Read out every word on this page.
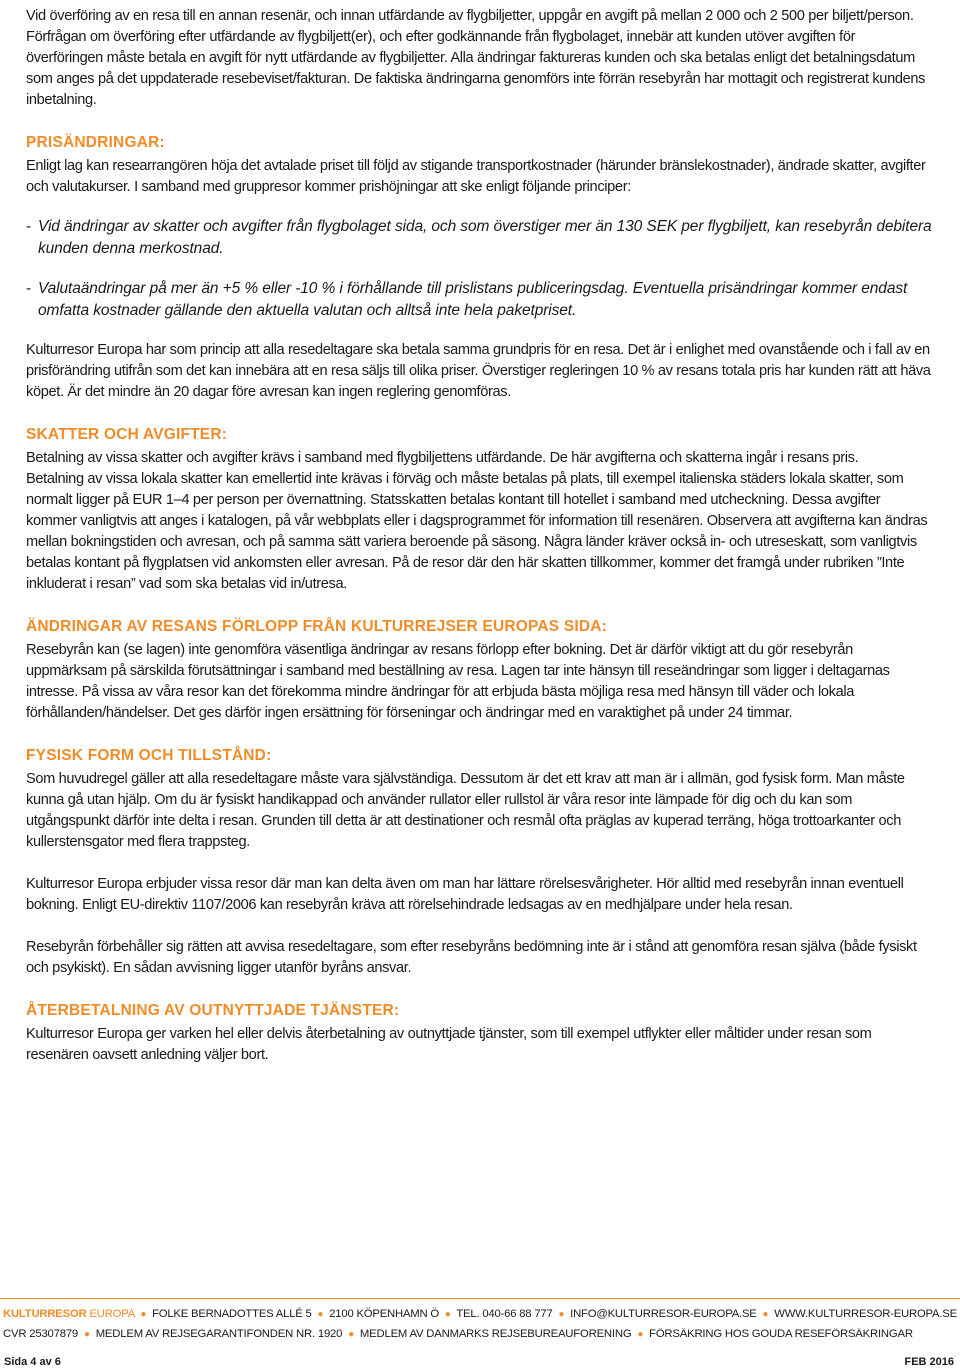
Vid överföring av en resa till en annan resenär, och innan utfärdande av flygbiljetter, uppgår en avgift på mellan 2 000 och 2 500 per biljett/person. Förfrågan om överföring efter utfärdande av flygbiljett(er), och efter godkännande från flygbolaget, innebär att kunden utöver avgiften för överföringen måste betala en avgift för nytt utfärdande av flygbiljetter. Alla ändringar faktureras kunden och ska betalas enligt det betalningsdatum som anges på det uppdaterade resebeviset/fakturan. De faktiska ändringarna genomförs inte förrän resebyrån har mottagit och registrerat kundens inbetalning.

PRISÄNDRINGAR:

Enligt lag kan researrangören höja det avtalade priset till följd av stigande transportkostnader (härunder bränslekostnader), ändrade skatter, avgifter och valutakurser. I samband med gruppresor kommer prishöjningar att ske enligt följande principer:

- Vid ändringar av skatter och avgifter från flygbolaget sida, och som överstiger mer än 130 SEK per flygbiljett, kan resebyrån debitera kunden denna merkostnad.
- Valutaändringar på mer än +5 % eller -10 % i förhållande till prislistans publiceringsdag. Eventuella prisändringar kommer endast omfatta kostnader gällande den aktuella valutan och alltså inte hela paketpriset.

Kulturresor Europa har som princip att alla resedeltagare ska betala samma grundpris för en resa. Det är i enlighet med ovanstående och i fall av en prisförändring utifrån som det kan innebära att en resa säljs till olika priser. Överstiger regleringen 10 % av resans totala pris har kunden rätt att häva köpet. Är det mindre än 20 dagar före avresan kan ingen reglering genomföras.

SKATTER OCH AVGIFTER:

Betalning av vissa skatter och avgifter krävs i samband med flygbiljettens utfärdande. De här avgifterna och skatterna ingår i resans pris.

Betalning av vissa lokala skatter kan emellertid inte krävas i förväg och måste betalas på plats, till exempel italienska städers lokala skatter, som normalt ligger på EUR 1–4 per person per övernattning. Statsskatten betalas kontant till hotellet i samband med utcheckning. Dessa avgifter kommer vanligtvis att anges i katalogen, på vår webbplats eller i dagsprogrammet för information till resenären. Observera att avgifterna kan ändras mellan bokningstiden och avresan, och på samma sätt variera beroende på säsong. Några länder kräver också in- och utreseskatt, som vanligtvis betalas kontant på flygplatsen vid ankomsten eller avresan. På de resor där den här skatten tillkommer, kommer det framgå under rubriken ”Inte inkluderat i resan” vad som ska betalas vid in/utresa.

ÄNDRINGAR AV RESANS FÖRLOPP FRÅN KULTURREJSER EUROPAS SIDA:

Resebyrån kan (se lagen) inte genomföra väsentliga ändringar av resans förlopp efter bokning. Det är därför viktigt att du gör resebyrån uppmärksam på särskilda förutsättningar i samband med beställning av resa. Lagen tar inte hänsyn till reseändringar som ligger i deltagarnas intresse. På vissa av våra resor kan det förekomma mindre ändringar för att erbjuda bästa möjliga resa med hänsyn till väder och lokala förhållanden/händelser. Det ges därför ingen ersättning för förseningar och ändringar med en varaktighet på under 24 timmar.

FYSISK FORM OCH TILLSTÅND:

Som huvudregel gäller att alla resedeltagare måste vara självständiga. Dessutom är det ett krav att man är i allmän, god fysisk form. Man måste kunna gå utan hjälp. Om du är fysiskt handikappad och använder rullator eller rullstol är våra resor inte lämpade för dig och du kan som utgångspunkt därför inte delta i resan. Grunden till detta är att destinationer och resmål ofta präglas av kuperad terräng, höga trottoarkanter och kullerstensgator med flera trappsteg.

Kulturresor Europa erbjuder vissa resor där man kan delta även om man har lättare rörelsesvårigheter. Hör alltid med resebyrån innan eventuell bokning. Enligt EU-direktiv 1107/2006 kan resebyrån kräva att rörelsehindrade ledsagas av en medhjälpare under hela resan.

Resebyrån förbehåller sig rätten att avvisa resedeltagare, som efter resebyråns bedömning inte är i stånd att genomföra resan själva (både fysiskt och psykiskt). En sådan avvisning ligger utanför byråns ansvar.

ÅTERBETALNING AV OUTNYTTJADE TJÄNSTER:

Kulturresor Europa ger varken hel eller delvis återbetalning av outnyttjade tjänster, som till exempel utflykter eller måltider under resan som resenären oavsett anledning väljer bort.

KULTURRESOR EUROPA ● FOLKE BERNADOTTES ALLÉ 5 ● 2100 KÖPENHAMN Ö ● TEL. 040-66 88 777 ● INFO@KULTURRESOR-EUROPA.SE ● WWW.KULTURRESOR-EUROPA.SE
CVR 25307879 ● MEDLEM AV REJSEGARANTIFONDEN NR. 1920 ● MEDLEM AV DANMARKS REJSEBUREAUFORENING ● FÖRSÄKRING HOS GOUDA RESEFÖRSÄKRINGAR
Sida 4 av 6	FEB 2016
